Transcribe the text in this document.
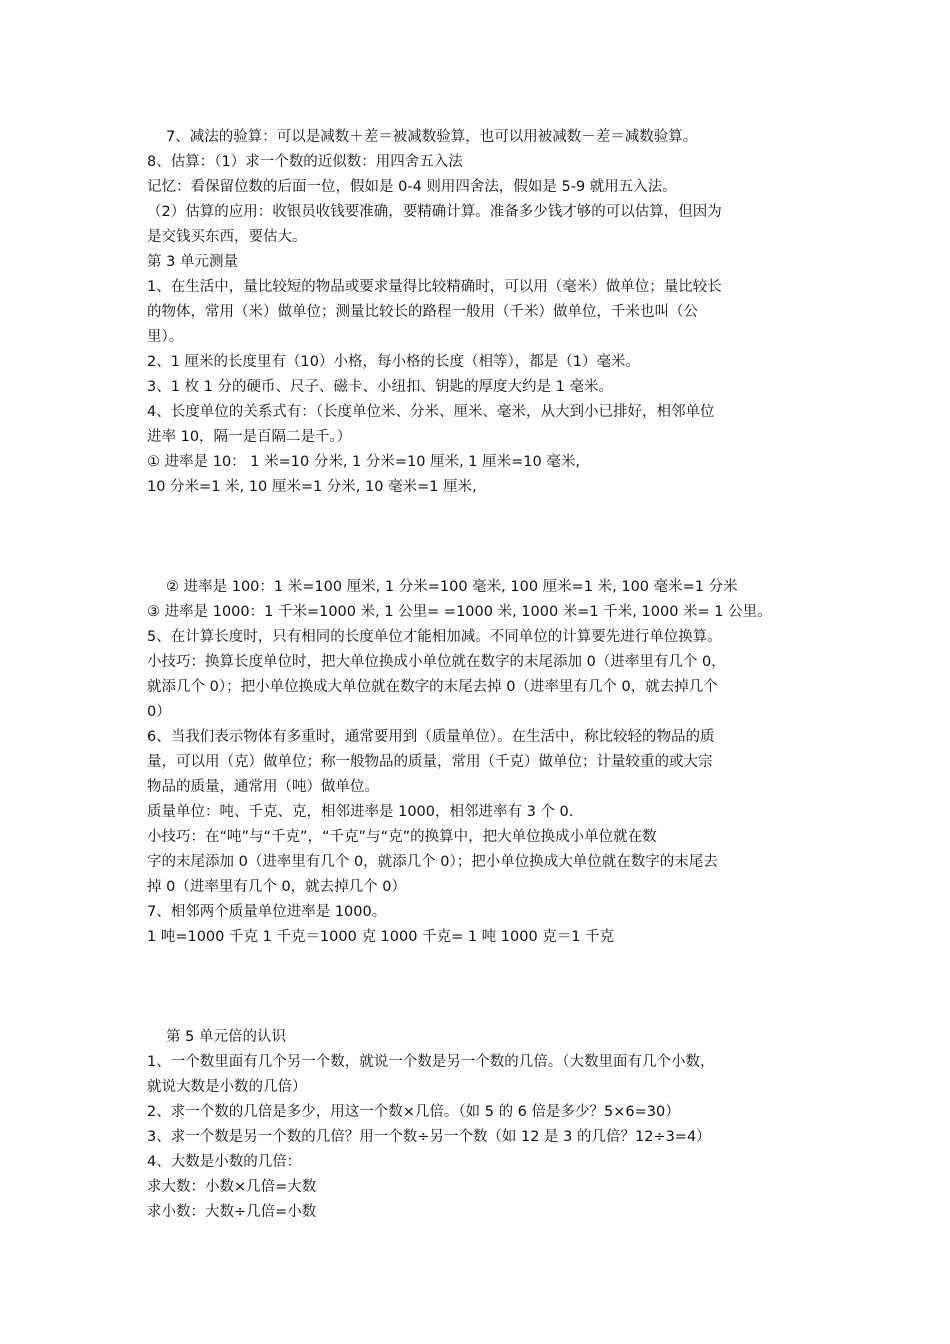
7、减法的验算：可以是减数＋差＝被减数验算，也可以用被减数－差＝减数验算。
8、估算：（1）求一个数的近似数：用四舍五入法
记忆：看保留位数的后面一位，假如是 0-4 则用四舍法，假如是 5-9 就用五入法。
（2）估算的应用：收银员收钱要准确，要精确计算。准备多少钱才够的可以估算，但因为
是交钱买东西，要估大。
第 3 单元测量
1、在生活中，量比较短的物品或要求量得比较精确时，可以用（毫米）做单位；量比较长
的物体，常用（米）做单位；测量比较长的路程一般用（千米）做单位，千米也叫（公
里）。
2、1 厘米的长度里有（10）小格，每小格的长度（相等），都是（1）毫米。
3、1 枚 1 分的硬币、尺子、磁卡、小纽扣、钥匙的厚度大约是 1 毫米。
4、长度单位的关系式有：（长度单位米、分米、厘米、毫米，从大到小已排好，相邻单位
进率 10，隔一是百隔二是千。）
① 进率是 10： 1 米=10 分米, 1 分米=10 厘米, 1 厘米=10 毫米,
10 分米=1 米, 10 厘米=1 分米, 10 毫米=1 厘米,
② 进率是 100：1 米=100 厘米, 1 分米=100 毫米, 100 厘米=1 米, 100 毫米=1 分米
③ 进率是 1000：1 千米=1000 米, 1 公里= =1000 米, 1000 米=1 千米, 1000 米= 1 公里。
5、在计算长度时，只有相同的长度单位才能相加减。不同单位的计算要先进行单位换算。
小技巧：换算长度单位时，把大单位换成小单位就在数字的末尾添加 0（进率里有几个 0，
就添几个 0）；把小单位换成大单位就在数字的末尾去掉 0（进率里有几个 0，就去掉几个
0）
6、当我们表示物体有多重时，通常要用到（质量单位）。在生活中，称比较轻的物品的质
量，可以用（克）做单位；称一般物品的质量，常用（千克）做单位；计量较重的或大宗
物品的质量，通常用（吨）做单位。
质量单位：吨、千克、克，相邻进率是 1000，相邻进率有 3 个 0.
小技巧：在“吨”与“千克”，“千克”与“克”的换算中，把大单位换成小单位就在数
字的末尾添加 0（进率里有几个 0，就添几个 0）；把小单位换成大单位就在数字的末尾去
掉 0（进率里有几个 0，就去掉几个 0）
7、相邻两个质量单位进率是 1000。
1 吨=1000 千克 1 千克＝1000 克 1000 千克= 1 吨 1000 克＝1 千克
第 5 单元倍的认识
1、一个数里面有几个另一个数，就说一个数是另一个数的几倍。（大数里面有几个小数，
就说大数是小数的几倍）
2、求一个数的几倍是多少，用这一个数×几倍。（如 5 的 6 倍是多少？5×6=30）
3、求一个数是另一个数的几倍？用一个数÷另一个数（如 12 是 3 的几倍？12÷3=4）
4、大数是小数的几倍：
求大数：小数×几倍=大数
求小数：大数÷几倍=小数
